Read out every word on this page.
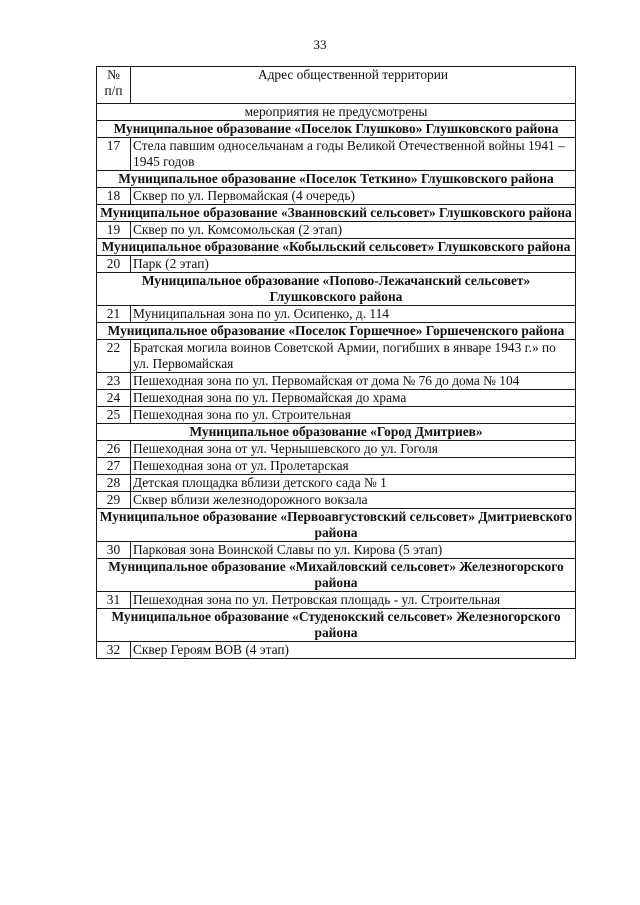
33
№
п/п	Адрес общественной территории
мероприятия не предусмотрены	
Муниципальное образование «Поселок Глушково» Глушковского района	
17	Стела павшим односельчанам а годы Великой Отечественной войны 1941 – 1945 годов
Муниципальное образование «Поселок Теткино» Глушковского района	
18	Сквер по ул. Первомайская (4 очередь)
Муниципальное образование «Званновский сельсовет» Глушковского района	
19	Сквер по ул. Комсомольская (2 этап)
Муниципальное образование «Кобыльский сельсовет» Глушковского района	
20	Парк (2 этап)
Муниципальное образование «Попово-Лежачанский сельсовет» Глушковского района	
21	Муниципальная зона по ул. Осипенко, д. 114
Муниципальное образование «Поселок Горшечное» Горшеченского района	
22	Братская могила воинов Советской Армии, погибших в январе 1943 г.» по ул. Первомайская
23	Пешеходная зона по ул. Первомайская от дома № 76 до дома № 104
24	Пешеходная зона по ул. Первомайская до храма
25	Пешеходная зона по ул. Строительная
Муниципальное образование «Город Дмитриев»	
26	Пешеходная зона от ул. Чернышевского до ул. Гоголя
27	Пешеходная зона от ул. Пролетарская
28	Детская площадка вблизи детского сада № 1
29	Сквер вблизи железнодорожного вокзала
Муниципальное образование «Первоавгустовский сельсовет» Дмитриевского района	
30	Парковая зона Воинской Славы по ул. Кирова (5 этап)
Муниципальное образование «Михайловский сельсовет» Железногорского района	
31	Пешеходная зона по ул. Петровская площадь - ул. Строительная
Муниципальное образование «Студенокский сельсовет» Железногорского района	
32	Сквер Героям ВОВ (4 этап)
